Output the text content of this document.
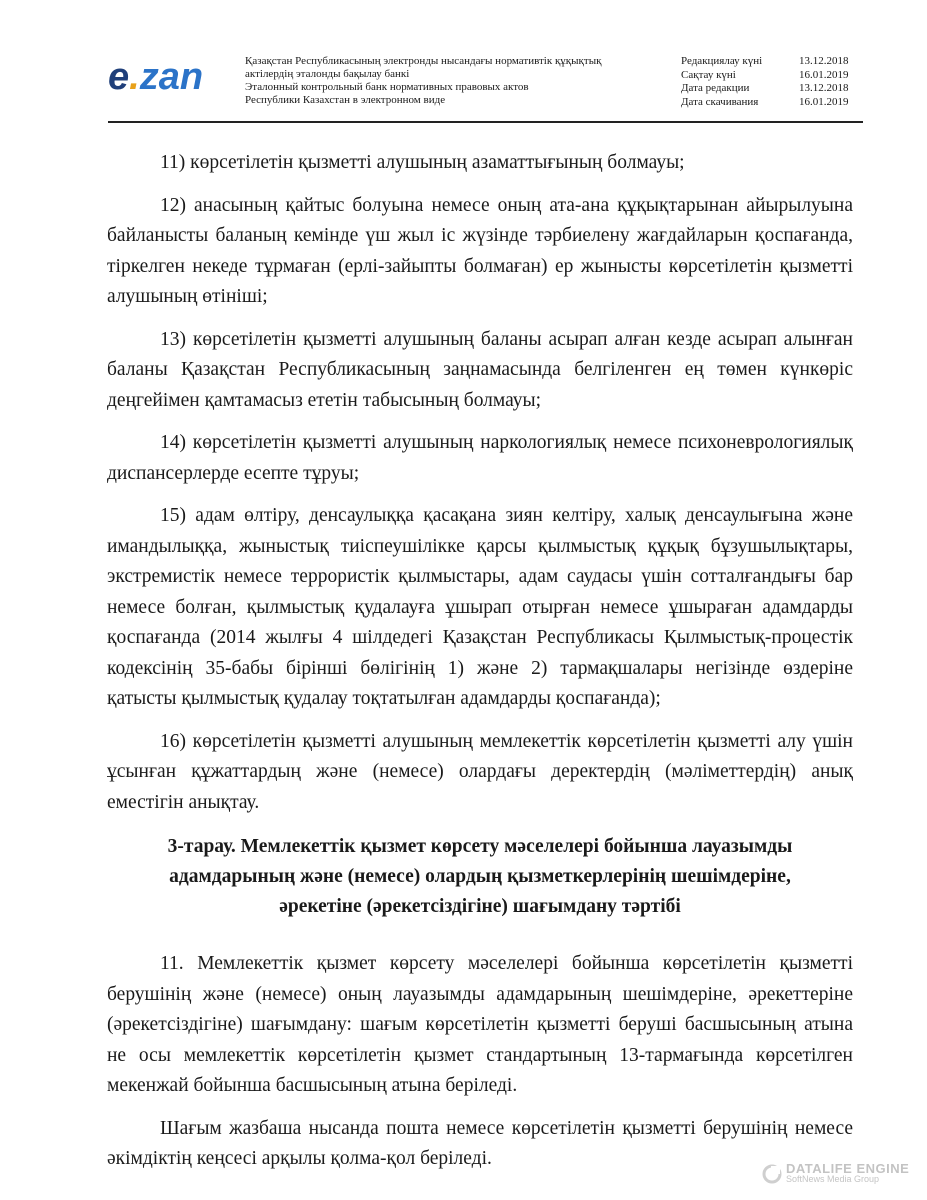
e.zan	Қазақстан Республикасының электронды нысандағы нормативтік құқықтық
актілердің эталонды бақылау банкі
Эталонный контрольный банк нормативных правовых актов
Республики Казахстан в электронном виде
Редакциялау күні	13.12.2018
Сақтау күні	16.01.2019
Дата редакции	13.12.2018
Дата скачивания	16.01.2019

11) көрсетілетін қызметті алушының азаматтығының болмауы;

12) анасының қайтыс болуына немесе оның ата-ана құқықтарынан айырылуына байланысты баланың кемінде үш жыл іс жүзінде тәрбиелену жағдайларын қоспағанда, тіркелген некеде тұрмаған (ерлі-зайыпты болмаған) ер жынысты көрсетілетін қызметті алушының өтініші;

13) көрсетілетін қызметті алушының баланы асырап алған кезде асырап алынған баланы Қазақстан Республикасының заңнамасында белгіленген ең төмен күнкөріс деңгейімен қамтамасыз ететін табысының болмауы;

14) көрсетілетін қызметті алушының наркологиялық немесе психоневрологиялық диспансерлерде есепте тұруы;

15) адам өлтіру, денсаулыққа қасақана зиян келтіру, халық денсаулығына және имандылыққа, жыныстық тиіспеушілікке қарсы қылмыстық құқық бұзушылықтары, экстремистік немесе террористік қылмыстары, адам саудасы үшін сотталғандығы бар немесе болған, қылмыстық қудалауға ұшырап отырған немесе ұшыраған адамдарды қоспағанда (2014 жылғы 4 шілдедегі Қазақстан Республикасы Қылмыстық-процестік кодексінің 35-бабы бірінші бөлігінің 1) және 2) тармақшалары негізінде өздеріне қатысты қылмыстық қудалау тоқтатылған адамдарды қоспағанда);

16) көрсетілетін қызметті алушының мемлекеттік көрсетілетін қызметті алу үшін ұсынған құжаттардың және (немесе) олардағы деректердің (мәліметтердің) анық еместігін анықтау.

3-тарау. Мемлекеттік қызмет көрсету мәселелері бойынша лауазымды
адамдарының және (немесе) олардың қызметкерлерінің шешімдеріне,
әрекетіне (әрекетсіздігіне) шағымдану тәртібі

11. Мемлекеттік қызмет көрсету мәселелері бойынша көрсетілетін қызметті берушінің және (немесе) оның лауазымды адамдарының шешімдеріне, әрекеттеріне (әрекетсіздігіне) шағымдану: шағым көрсетілетін қызметті беруші басшысының атына не осы мемлекеттік көрсетілетін қызмет стандартының 13-тармағында көрсетілген мекенжай бойынша басшысының атына беріледі.

Шағым жазбаша нысанда пошта немесе көрсетілетін қызметті берушінің немесе әкімдіктің кеңсесі арқылы қолма-қол беріледі.	DATALIFE ENGINE
SoftNews Media Group
